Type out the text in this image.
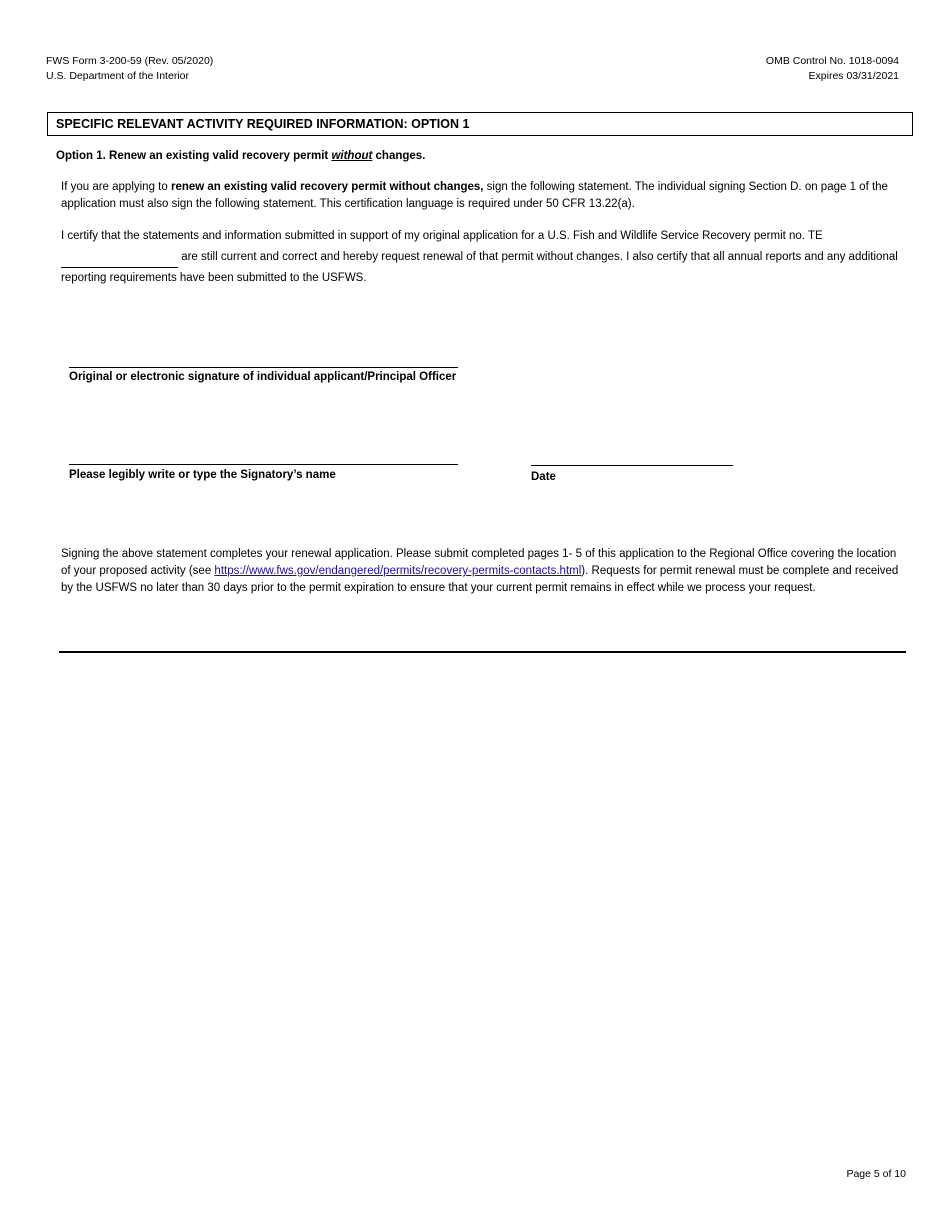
FWS Form 3-200-59 (Rev. 05/2020)
U.S. Department of the Interior
OMB Control No. 1018-0094
Expires 03/31/2021
SPECIFIC RELEVANT ACTIVITY REQUIRED INFORMATION: OPTION 1
Option 1. Renew an existing valid recovery permit without changes.
If you are applying to renew an existing valid recovery permit without changes, sign the following statement. The individual signing Section D. on page 1 of the application must also sign the following statement. This certification language is required under 50 CFR 13.22(a).
I certify that the statements and information submitted in support of my original application for a U.S. Fish and Wildlife Service Recovery permit no. TE  are still current and correct and hereby request renewal of that permit without changes. I also certify that all annual reports and any additional reporting requirements have been submitted to the USFWS.
Original or electronic signature of individual applicant/Principal Officer
Please legibly write or type the Signatory’s name	Date
Signing the above statement completes your renewal application. Please submit completed pages 1- 5 of this application to the Regional Office covering the location of your proposed activity (see https://www.fws.gov/endangered/permits/recovery-permits-contacts.html). Requests for permit renewal must be complete and received by the USFWS no later than 30 days prior to the permit expiration to ensure that your current permit remains in effect while we process your request.
Page 5 of 10
